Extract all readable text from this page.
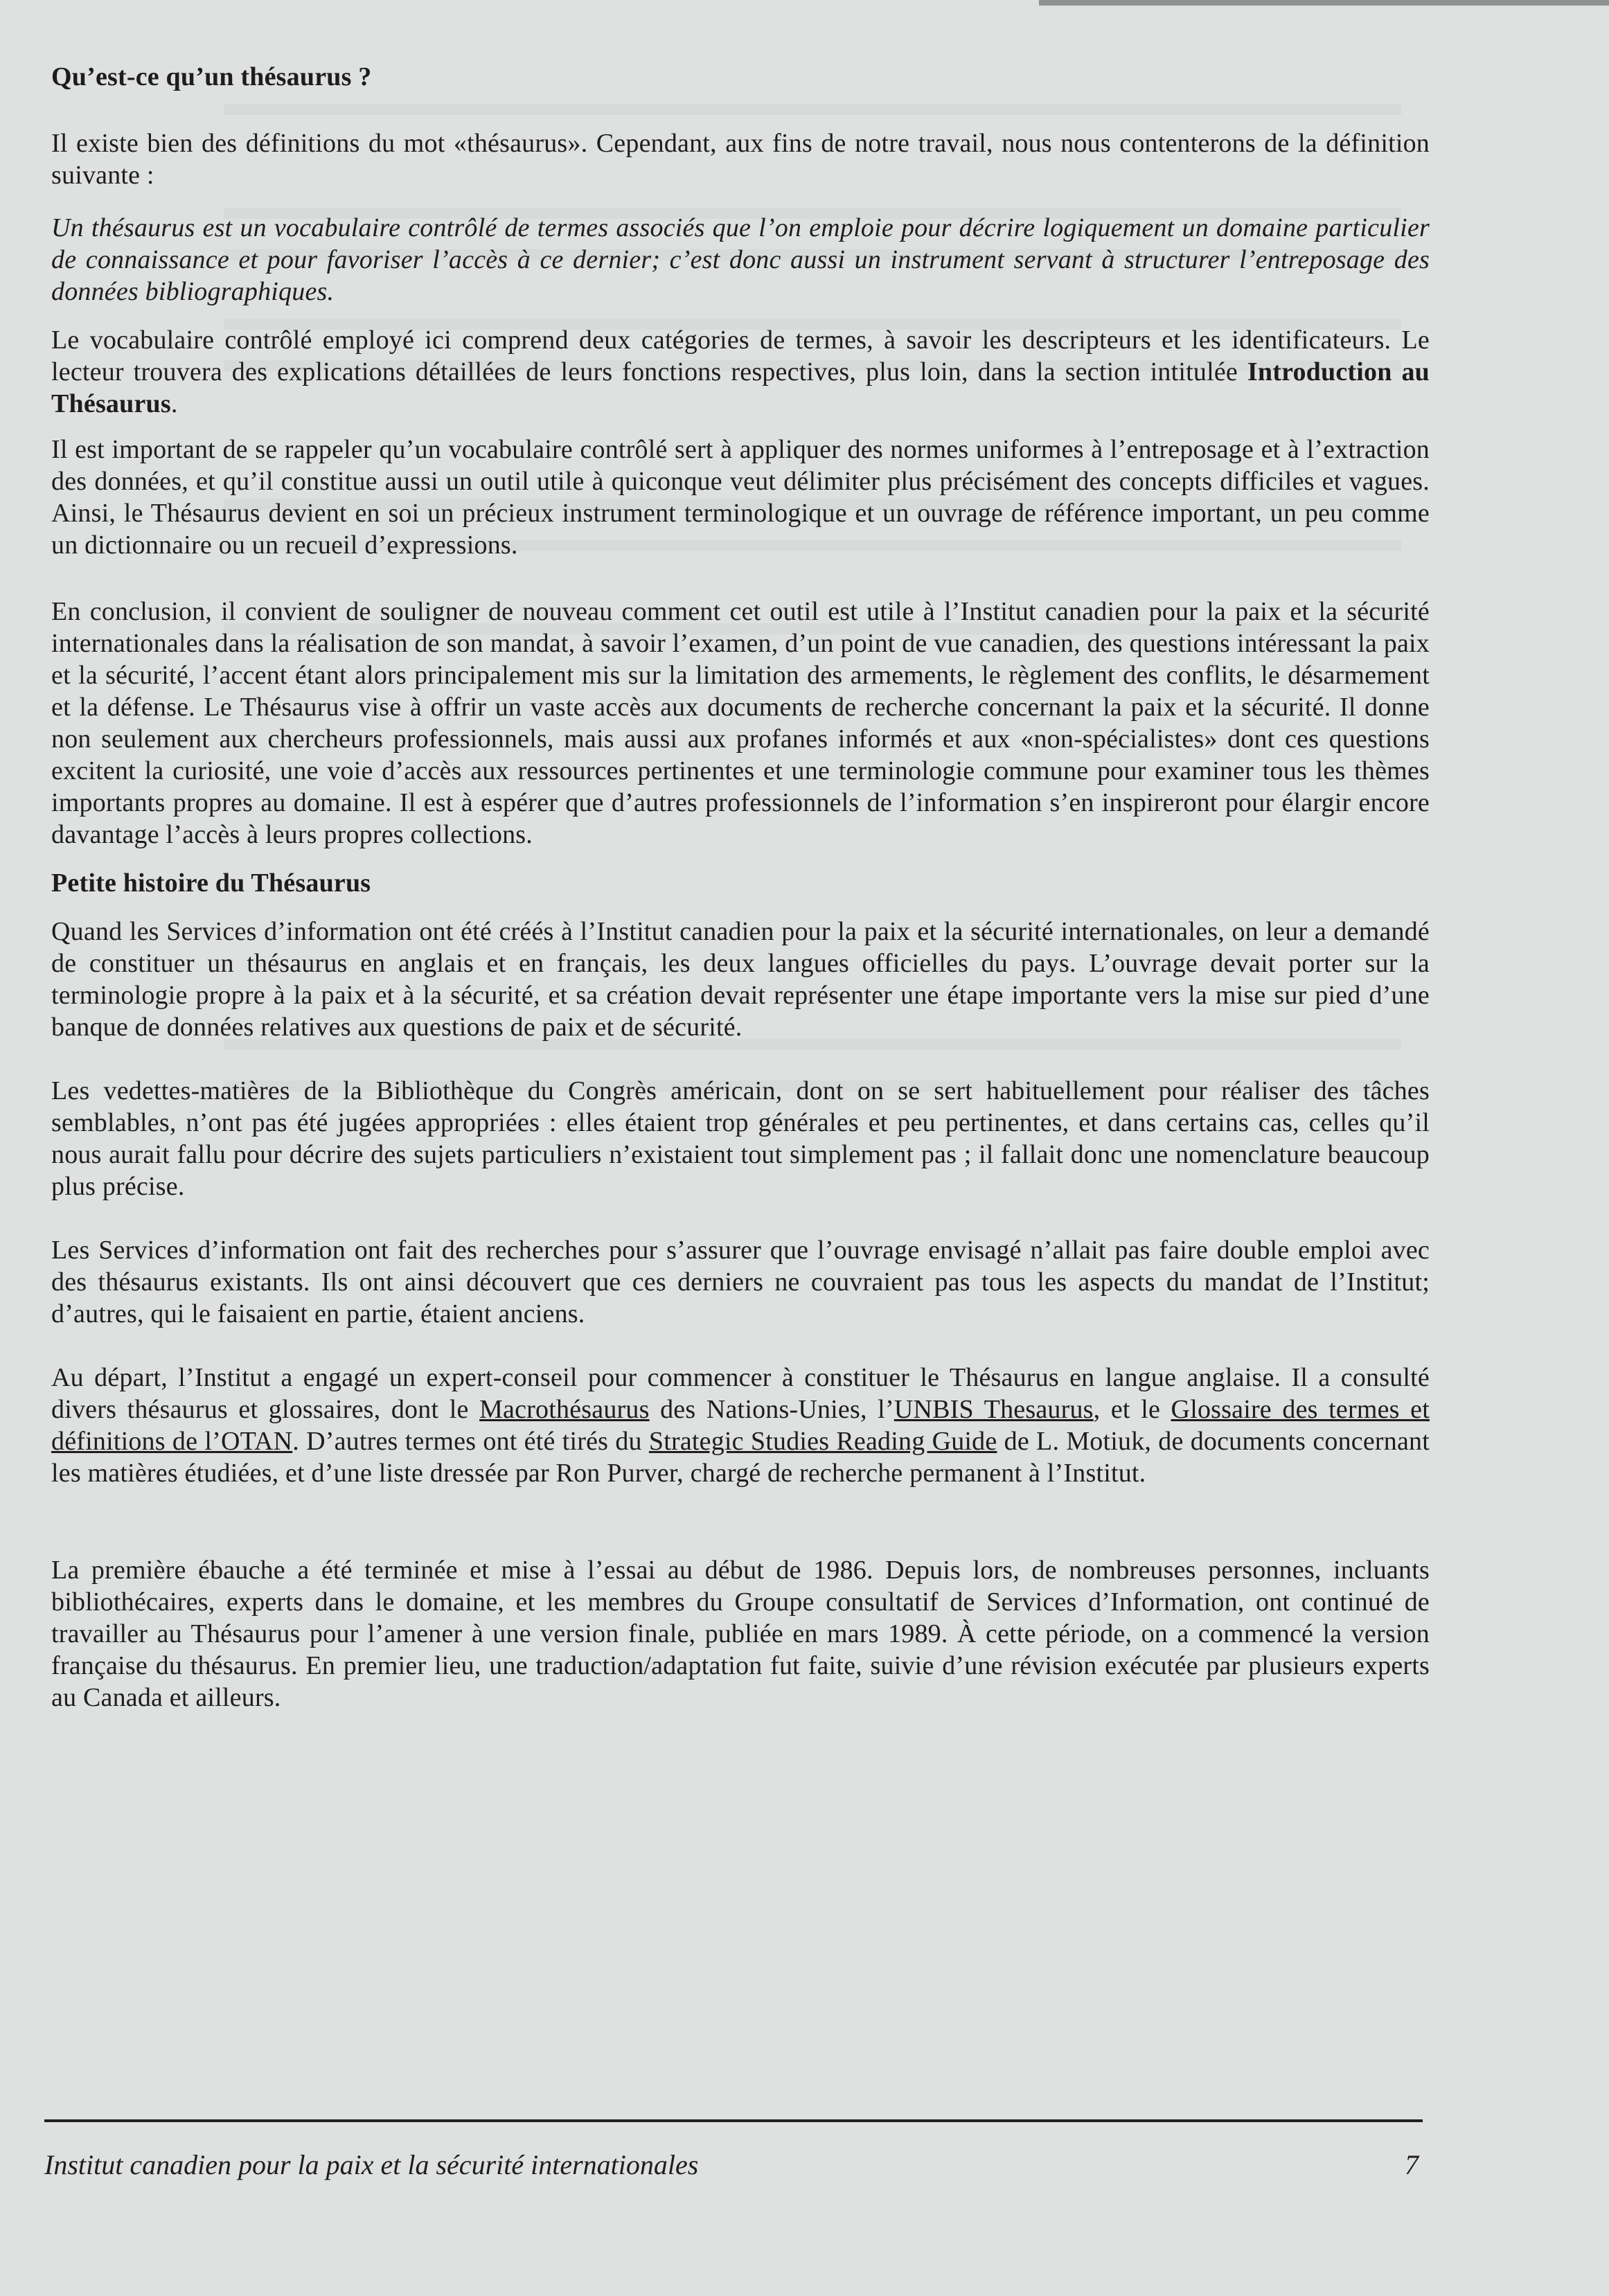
Qu’est-ce qu’un thésaurus ?

Il existe bien des définitions du mot «thésaurus». Cependant, aux fins de notre travail, nous nous contenterons de la définition suivante :

Un thésaurus est un vocabulaire contrôlé de termes associés que l’on emploie pour décrire logiquement un domaine particulier de connaissance et pour favoriser l’accès à ce dernier; c’est donc aussi un instrument servant à structurer l’entreposage des données bibliographiques.

Le vocabulaire contrôlé employé ici comprend deux catégories de termes, à savoir les descripteurs et les identificateurs. Le lecteur trouvera des explications détaillées de leurs fonctions respectives, plus loin, dans la section intitulée Introduction au Thésaurus.

Il est important de se rappeler qu’un vocabulaire contrôlé sert à appliquer des normes uniformes à l’entreposage et à l’extraction des données, et qu’il constitue aussi un outil utile à quiconque veut délimiter plus précisément des concepts difficiles et vagues. Ainsi, le Thésaurus devient en soi un précieux instrument terminologique et un ouvrage de référence important, un peu comme un dictionnaire ou un recueil d’expressions.

En conclusion, il convient de souligner de nouveau comment cet outil est utile à l’Institut canadien pour la paix et la sécurité internationales dans la réalisation de son mandat, à savoir l’examen, d’un point de vue canadien, des questions intéressant la paix et la sécurité, l’accent étant alors principalement mis sur la limitation des armements, le règlement des conflits, le désarmement et la défense. Le Thésaurus vise à offrir un vaste accès aux documents de recherche concernant la paix et la sécurité. Il donne non seulement aux chercheurs professionnels, mais aussi aux profanes informés et aux «non-spécialistes» dont ces questions excitent la curiosité, une voie d’accès aux ressources pertinentes et une terminologie commune pour examiner tous les thèmes importants propres au domaine. Il est à espérer que d’autres professionnels de l’information s’en inspireront pour élargir encore davantage l’accès à leurs propres collections.

Petite histoire du Thésaurus

Quand les Services d’information ont été créés à l’Institut canadien pour la paix et la sécurité internationales, on leur a demandé de constituer un thésaurus en anglais et en français, les deux langues officielles du pays. L’ouvrage devait porter sur la terminologie propre à la paix et à la sécurité, et sa création devait représenter une étape importante vers la mise sur pied d’une banque de données relatives aux questions de paix et de sécurité.

Les vedettes-matières de la Bibliothèque du Congrès américain, dont on se sert habituellement pour réaliser des tâches semblables, n’ont pas été jugées appropriées : elles étaient trop générales et peu pertinentes, et dans certains cas, celles qu’il nous aurait fallu pour décrire des sujets particuliers n’existaient tout simplement pas ; il fallait donc une nomenclature beaucoup plus précise.

Les Services d’information ont fait des recherches pour s’assurer que l’ouvrage envisagé n’allait pas faire double emploi avec des thésaurus existants. Ils ont ainsi découvert que ces derniers ne couvraient pas tous les aspects du mandat de l’Institut; d’autres, qui le faisaient en partie, étaient anciens.

Au départ, l’Institut a engagé un expert-conseil pour commencer à constituer le Thésaurus en langue anglaise. Il a consulté divers thésaurus et glossaires, dont le Macrothésaurus des Nations-Unies, l’UNBIS Thesaurus, et le Glossaire des termes et définitions de l’OTAN. D’autres termes ont été tirés du Strategic Studies Reading Guide de L. Motiuk, de documents concernant les matières étudiées, et d’une liste dressée par Ron Purver, chargé de recherche permanent à l’Institut.

La première ébauche a été terminée et mise à l’essai au début de 1986. Depuis lors, de nombreuses personnes, incluants bibliothécaires, experts dans le domaine, et les membres du Groupe consultatif de Services d’Information, ont continué de travailler au Thésaurus pour l’amener à une version finale, publiée en mars 1989. À cette période, on a commencé la version française du thésaurus. En premier lieu, une traduction/adaptation fut faite, suivie d’une révision exécutée par plusieurs experts au Canada et ailleurs.

Institut canadien pour la paix et la sécurité internationales	7
